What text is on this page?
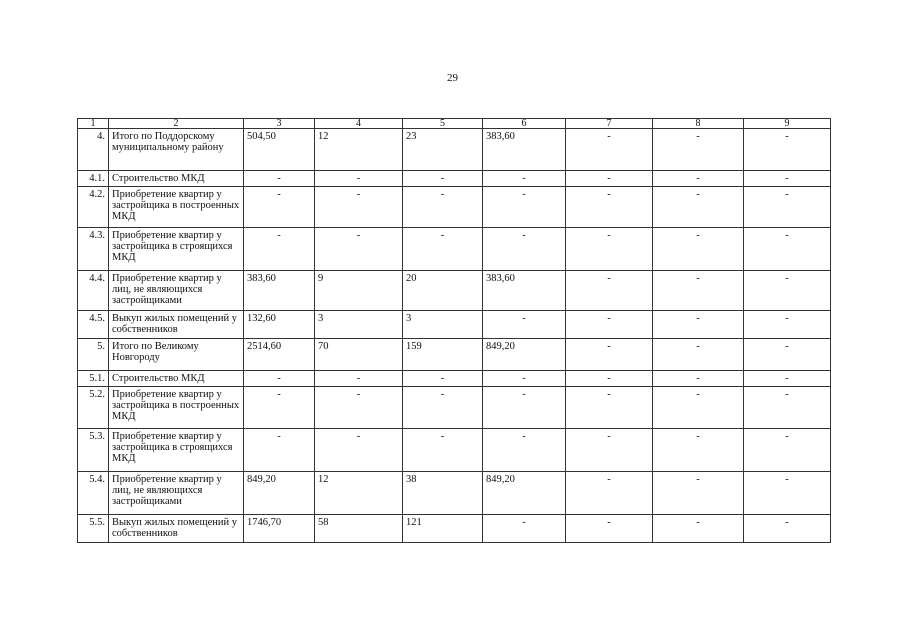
29
1	2	3	4	5	6	7	8	9
4.	Итого по Поддорскому муниципальному району	504,50	12	23	383,60	-	-	-
4.1.	Строительство МКД	-	-	-	-	-	-	-
4.2.	Приобретение квартир у застройщика в построенных МКД	-	-	-	-	-	-	-
4.3.	Приобретение квартир у застройщика в строящихся МКД	-	-	-	-	-	-	-
4.4.	Приобретение квартир у лиц, не являющихся застройщиками	383,60	9	20	383,60	-	-	-
4.5.	Выкуп жилых помещений у собственников	132,60	3	3	-	-	-	-
5.	Итого по Великому Новгороду	2514,60	70	159	849,20	-	-	-
5.1.	Строительство МКД	-	-	-	-	-	-	-
5.2.	Приобретение квартир у застройщика в построенных МКД	-	-	-	-	-	-	-
5.3.	Приобретение квартир у застройщика в строящихся МКД	-	-	-	-	-	-	-
5.4.	Приобретение квартир у лиц, не являющихся застройщиками	849,20	12	38	849,20	-	-	-
5.5.	Выкуп жилых помещений у собственников	1746,70	58	121	-	-	-	-
